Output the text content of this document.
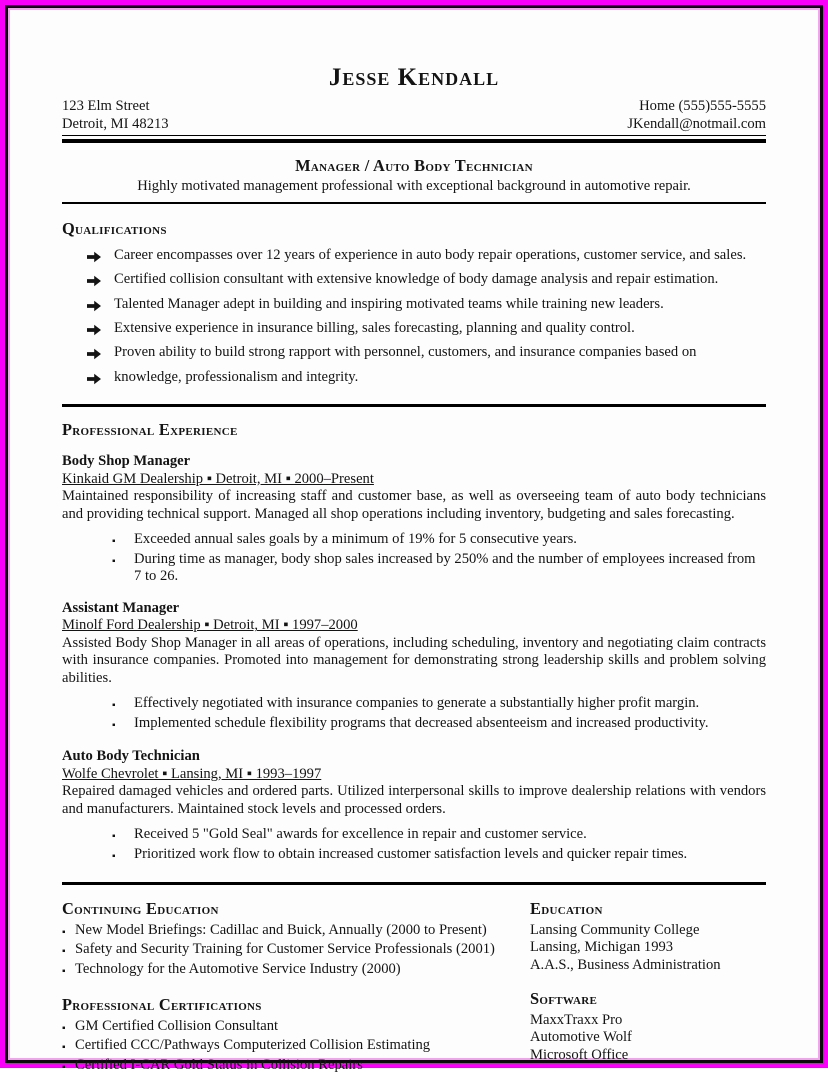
Jesse Kendall
123 Elm Street
Detroit, MI 48213
Home (555)555-5555
JKendall@notmail.com
Manager / Auto Body Technician
Highly motivated management professional with exceptional background in automotive repair.
Qualifications
Career encompasses over 12 years of experience in auto body repair operations, customer service, and sales.
Certified collision consultant with extensive knowledge of body damage analysis and repair estimation.
Talented Manager adept in building and inspiring motivated teams while training new leaders.
Extensive experience in insurance billing, sales forecasting, planning and quality control.
Proven ability to build strong rapport with personnel, customers, and insurance companies based on
knowledge, professionalism and integrity.
Professional Experience
Body Shop Manager
Kinkaid GM Dealership ▪ Detroit, MI ▪ 2000–Present
Maintained responsibility of increasing staff and customer base, as well as overseeing team of auto body technicians and providing technical support. Managed all shop operations including inventory, budgeting and sales forecasting.
▪	Exceeded annual sales goals by a minimum of 19% for 5 consecutive years.
▪	During time as manager, body shop sales increased by 250% and the number of employees increased from 7 to 26.
Assistant Manager
Minolf Ford Dealership ▪ Detroit, MI ▪ 1997–2000
Assisted Body Shop Manager in all areas of operations, including scheduling, inventory and negotiating claim contracts with insurance companies. Promoted into management for demonstrating strong leadership skills and problem solving abilities.
▪	Effectively negotiated with insurance companies to generate a substantially higher profit margin.
▪	Implemented schedule flexibility programs that decreased absenteeism and increased productivity.
Auto Body Technician
Wolfe Chevrolet ▪ Lansing, MI ▪ 1993–1997
Repaired damaged vehicles and ordered parts. Utilized interpersonal skills to improve dealership relations with vendors and manufacturers. Maintained stock levels and processed orders.
▪	Received 5 "Gold Seal" awards for excellence in repair and customer service.
▪	Prioritized work flow to obtain increased customer satisfaction levels and quicker repair times.
Continuing Education
▪ New Model Briefings: Cadillac and Buick, Annually (2000 to Present)
▪ Safety and Security Training for Customer Service Professionals (2001)
▪ Technology for the Automotive Service Industry (2000)
Professional Certifications
▪ GM Certified Collision Consultant
▪ Certified CCC/Pathways Computerized Collision Estimating
▪ Certified I-CAR Gold Status in Collision Repairs
Education
Lansing Community College
Lansing, Michigan 1993
A.A.S., Business Administration
Software
MaxxTraxx Pro
Automotive Wolf
Microsoft Office
